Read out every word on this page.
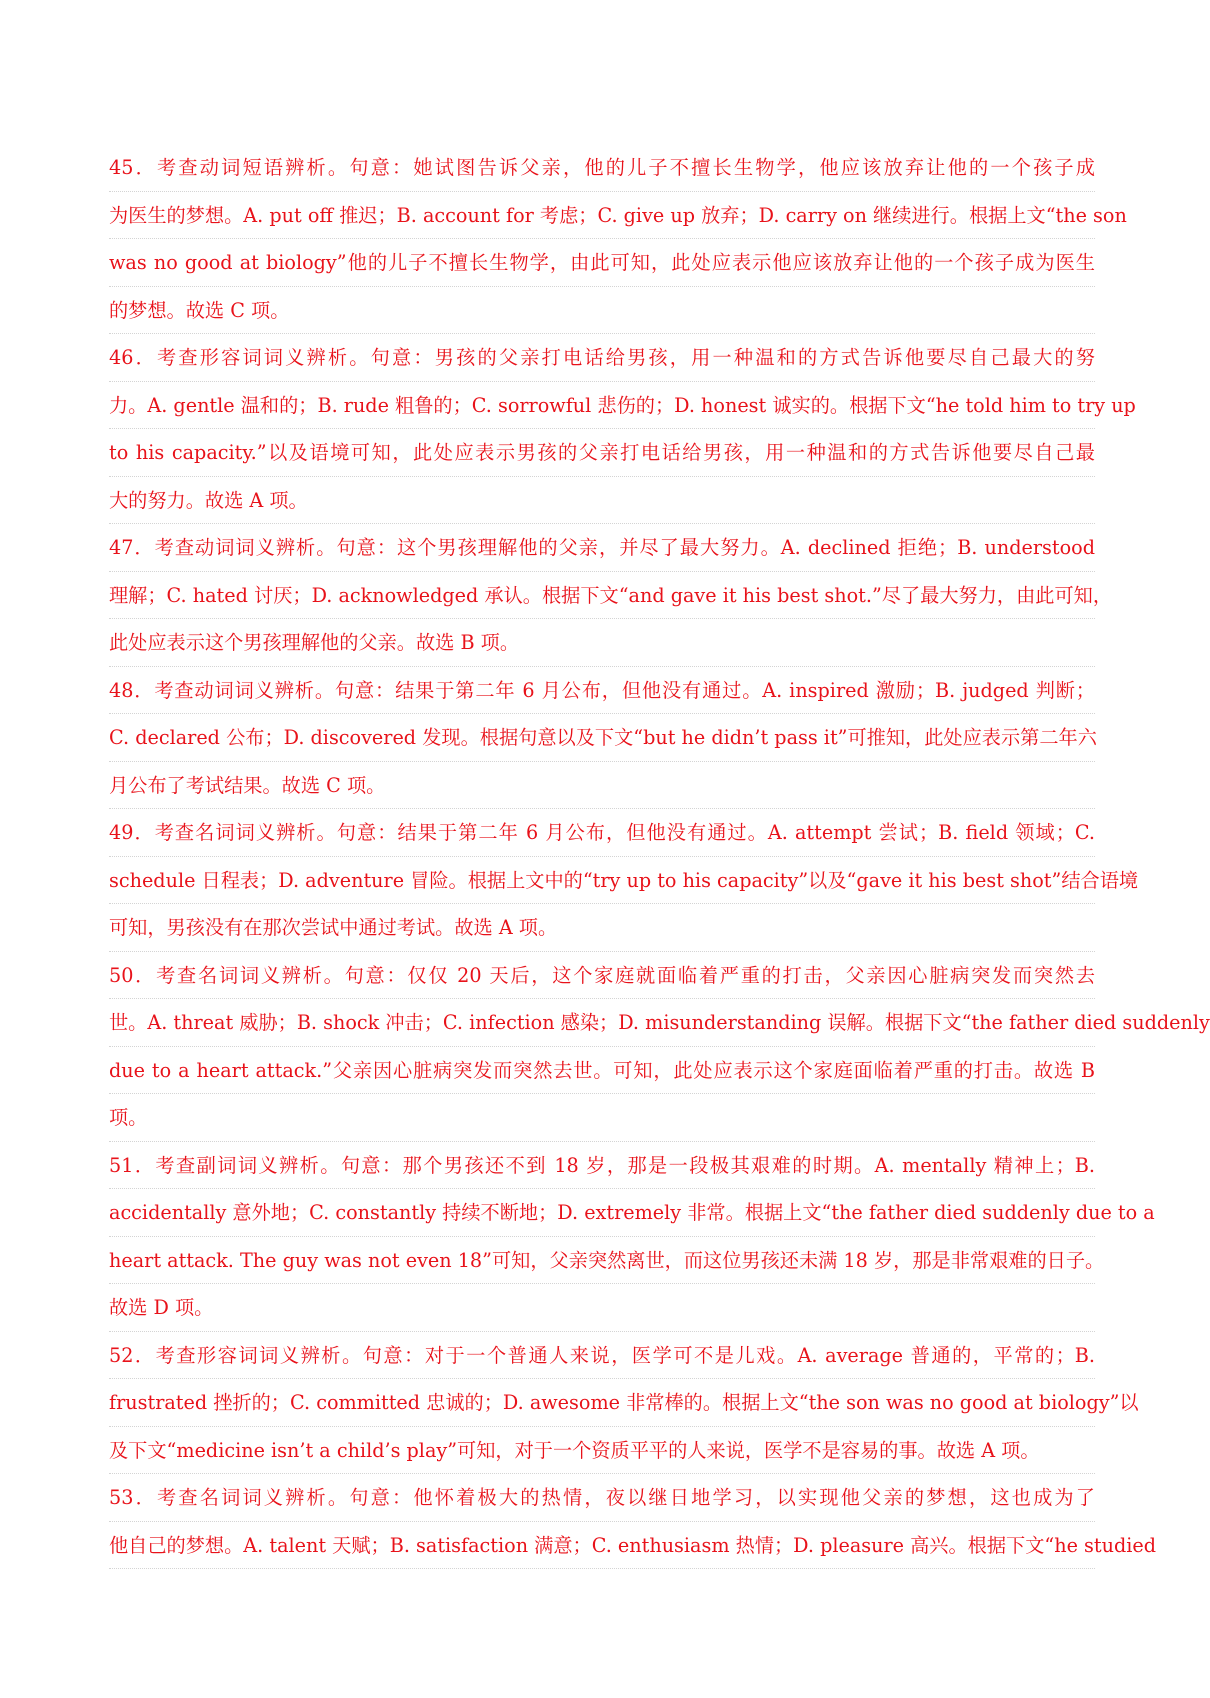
45．考查动词短语辨析。句意：她试图告诉父亲，他的儿子不擅长生物学，他应该放弃让他的一个孩子成
为医生的梦想。A. put off 推迟；B. account for 考虑；C. give up 放弃；D. carry on 继续进行。根据上文“the son
was no good at biology”他的儿子不擅长生物学，由此可知，此处应表示他应该放弃让他的一个孩子成为医生
的梦想。故选 C 项。
46．考查形容词词义辨析。句意：男孩的父亲打电话给男孩，用一种温和的方式告诉他要尽自己最大的努
力。A. gentle 温和的；B. rude 粗鲁的；C. sorrowful 悲伤的；D. honest 诚实的。根据下文“he told him to try up
to his capacity.”以及语境可知，此处应表示男孩的父亲打电话给男孩，用一种温和的方式告诉他要尽自己最
大的努力。故选 A 项。
47．考查动词词义辨析。句意：这个男孩理解他的父亲，并尽了最大努力。A. declined 拒绝；B. understood
理解；C. hated 讨厌；D. acknowledged 承认。根据下文“and gave it his best shot.”尽了最大努力，由此可知，
此处应表示这个男孩理解他的父亲。故选 B 项。
48．考查动词词义辨析。句意：结果于第二年 6 月公布，但他没有通过。A. inspired 激励；B. judged 判断；
C. declared 公布；D. discovered 发现。根据句意以及下文“but he didn’t pass it”可推知，此处应表示第二年六
月公布了考试结果。故选 C 项。
49．考查名词词义辨析。句意：结果于第二年 6 月公布，但他没有通过。A. attempt 尝试；B. field 领域；C.
schedule 日程表；D. adventure 冒险。根据上文中的“try up to his capacity”以及“gave it his best shot”结合语境
可知，男孩没有在那次尝试中通过考试。故选 A 项。
50．考查名词词义辨析。句意：仅仅 20 天后，这个家庭就面临着严重的打击，父亲因心脏病突发而突然去
世。A. threat 威胁；B. shock 冲击；C. infection 感染；D. misunderstanding 误解。根据下文“the father died suddenly
due to a heart attack.”父亲因心脏病突发而突然去世。可知，此处应表示这个家庭面临着严重的打击。故选 B
项。
51．考查副词词义辨析。句意：那个男孩还不到 18 岁，那是一段极其艰难的时期。A. mentally 精神上；B.
accidentally 意外地；C. constantly 持续不断地；D. extremely 非常。根据上文“the father died suddenly due to a
heart attack. The guy was not even 18”可知，父亲突然离世，而这位男孩还未满 18 岁，那是非常艰难的日子。
故选 D 项。
52．考查形容词词义辨析。句意：对于一个普通人来说，医学可不是儿戏。A. average 普通的，平常的；B.
frustrated 挫折的；C. committed 忠诚的；D. awesome 非常棒的。根据上文“the son was no good at biology”以
及下文“medicine isn’t a child’s play”可知，对于一个资质平平的人来说，医学不是容易的事。故选 A 项。
53．考查名词词义辨析。句意：他怀着极大的热情，夜以继日地学习，以实现他父亲的梦想，这也成为了
他自己的梦想。A. talent 天赋；B. satisfaction 满意；C. enthusiasm 热情；D. pleasure 高兴。根据下文“he studied
